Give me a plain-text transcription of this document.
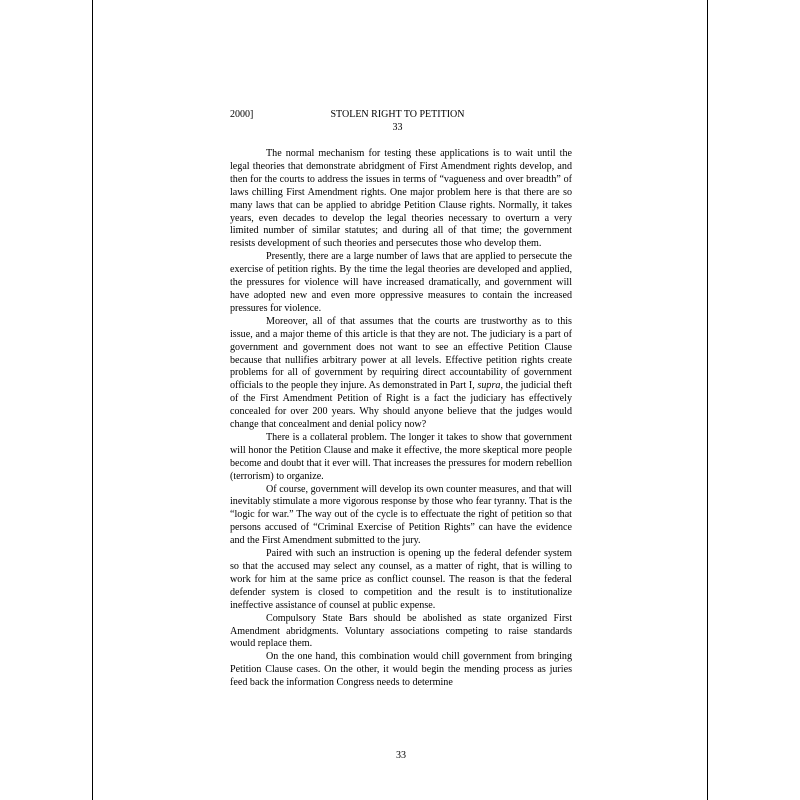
2000]	STOLEN RIGHT TO PETITION
33

The normal mechanism for testing these applications is to wait until the legal theories that demonstrate abridgment of First Amendment rights develop, and then for the courts to address the issues in terms of “vagueness and over breadth” of laws chilling First Amendment rights. One major problem here is that there are so many laws that can be applied to abridge Petition Clause rights. Normally, it takes years, even decades to develop the legal theories necessary to overturn a very limited number of similar statutes; and during all of that time; the government resists development of such theories and persecutes those who develop them.

Presently, there are a large number of laws that are applied to persecute the exercise of petition rights. By the time the legal theories are developed and applied, the pressures for violence will have increased dramatically, and government will have adopted new and even more oppressive measures to contain the increased pressures for violence.

Moreover, all of that assumes that the courts are trustworthy as to this issue, and a major theme of this article is that they are not. The judiciary is a part of government and government does not want to see an effective Petition Clause because that nullifies arbitrary power at all levels. Effective petition rights create problems for all of government by requiring direct accountability of government officials to the people they injure. As demonstrated in Part I, supra, the judicial theft of the First Amendment Petition of Right is a fact the judiciary has effectively concealed for over 200 years. Why should anyone believe that the judges would change that concealment and denial policy now?

There is a collateral problem. The longer it takes to show that government will honor the Petition Clause and make it effective, the more skeptical more people become and doubt that it ever will. That increases the pressures for modern rebellion (terrorism) to organize.

Of course, government will develop its own counter measures, and that will inevitably stimulate a more vigorous response by those who fear tyranny. That is the “logic for war.” The way out of the cycle is to effectuate the right of petition so that persons accused of “Criminal Exercise of Petition Rights” can have the evidence and the First Amendment submitted to the jury.

Paired with such an instruction is opening up the federal defender system so that the accused may select any counsel, as a matter of right, that is willing to work for him at the same price as conflict counsel. The reason is that the federal defender system is closed to competition and the result is to institutionalize ineffective assistance of counsel at public expense.

Compulsory State Bars should be abolished as state organized First Amendment abridgments. Voluntary associations competing to raise standards would replace them.

On the one hand, this combination would chill government from bringing Petition Clause cases. On the other, it would begin the mending process as juries feed back the information Congress needs to determine

33
